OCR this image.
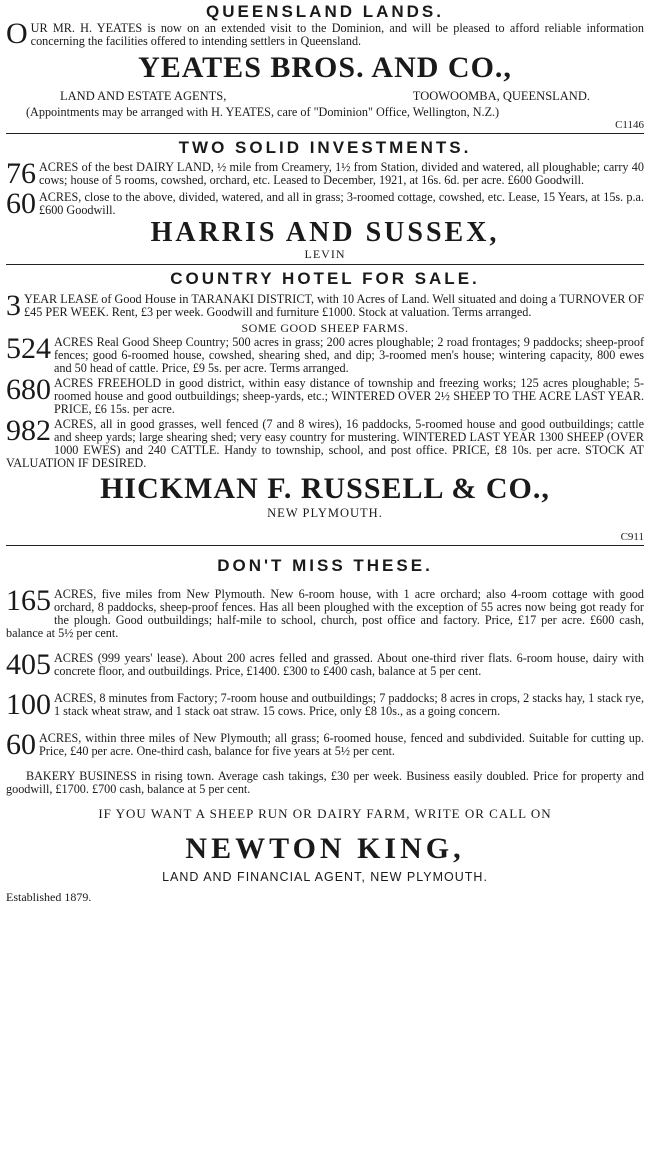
QUEENSLAND LANDS.
O UR MR. H. YEATES is now on an extended visit to the Dominion, and will be pleased to afford reliable information concerning the facilities offered to intending settlers in Queensland.
YEATES BROS. AND CO.,
LAND AND ESTATE AGENTS,	TOOWOOMBA, QUEENSLAND.
(Appointments may be arranged with H. YEATES, care of "Dominion" Office, Wellington, N.Z.)
C1146
TWO SOLID INVESTMENTS.
76 ACRES of the best DAIRY LAND, ½ mile from Creamery, 1½ from Station, divided and watered, all ploughable; carry 40 cows; house of 5 rooms, cowshed, orchard, etc. Leased to December, 1921, at 16s. 6d. per acre. £600 Goodwill.
60 ACRES, close to the above, divided, watered, and all in grass; 3-roomed cottage, cowshed, etc. Lease, 15 Years, at 15s. p.a. £600 Goodwill.
HARRIS AND SUSSEX,
LEVIN
COUNTRY HOTEL FOR SALE.
3 YEAR LEASE of Good House in TARANAKI DISTRICT, with 10 Acres of Land. Well situated and doing a TURNOVER OF £45 PER WEEK. Rent, £3 per week. Goodwill and furniture £1000. Stock at valuation. Terms arranged.
SOME GOOD SHEEP FARMS.
524 ACRES Real Good Sheep Country; 500 acres in grass; 200 acres ploughable; 2 road frontages; 9 paddocks; sheep-proof fences; good 6-roomed house, cowshed, shearing shed, and dip; 3-roomed men's house; wintering capacity, 800 ewes and 50 head of cattle. Price, £9 5s. per acre. Terms arranged.
680 ACRES FREEHOLD in good district, within easy distance of township and freezing works; 125 acres ploughable; 5-roomed house and good outbuildings; sheep-yards, etc.; WINTERED OVER 2½ SHEEP TO THE ACRE LAST YEAR. PRICE, £6 15s. per acre.
982 ACRES, all in good grasses, well fenced (7 and 8 wires), 16 paddocks, 5-roomed house and good outbuildings; cattle and sheep yards; large shearing shed; very easy country for mustering. WINTERED LAST YEAR 1300 SHEEP (OVER 1000 EWES) and 240 CATTLE. Handy to township, school, and post office. PRICE, £8 10s. per acre. STOCK AT VALUATION IF DESIRED.
HICKMAN F. RUSSELL & CO.,
NEW PLYMOUTH.
C911
DON'T MISS THESE.
165 ACRES, five miles from New Plymouth. New 6-room house, with 1 acre orchard; also 4-room cottage with good orchard, 8 paddocks, sheep-proof fences. Has all been ploughed with the exception of 55 acres now being got ready for the plough. Good outbuildings; half-mile to school, church, post office and factory. Price, £17 per acre. £600 cash, balance at 5½ per cent.
405 ACRES (999 years' lease). About 200 acres felled and grassed. About one-third river flats. 6-room house, dairy with concrete floor, and outbuildings. Price, £1400. £300 to £400 cash, balance at 5 per cent.
100 ACRES, 8 minutes from Factory; 7-room house and outbuildings; 7 paddocks; 8 acres in crops, 2 stacks hay, 1 stack rye, 1 stack wheat straw, and 1 stack oat straw. 15 cows. Price, only £8 10s., as a going concern.
60 ACRES, within three miles of New Plymouth; all grass; 6-roomed house, fenced and subdivided. Suitable for cutting up. Price, £40 per acre. One-third cash, balance for five years at 5½ per cent.
BAKERY BUSINESS in rising town. Average cash takings, £30 per week. Business easily doubled. Price for property and goodwill, £1700. £700 cash, balance at 5 per cent.
IF YOU WANT A SHEEP RUN OR DAIRY FARM, WRITE OR CALL ON
NEWTON KING,
LAND AND FINANCIAL AGENT, NEW PLYMOUTH.
Established 1879.
